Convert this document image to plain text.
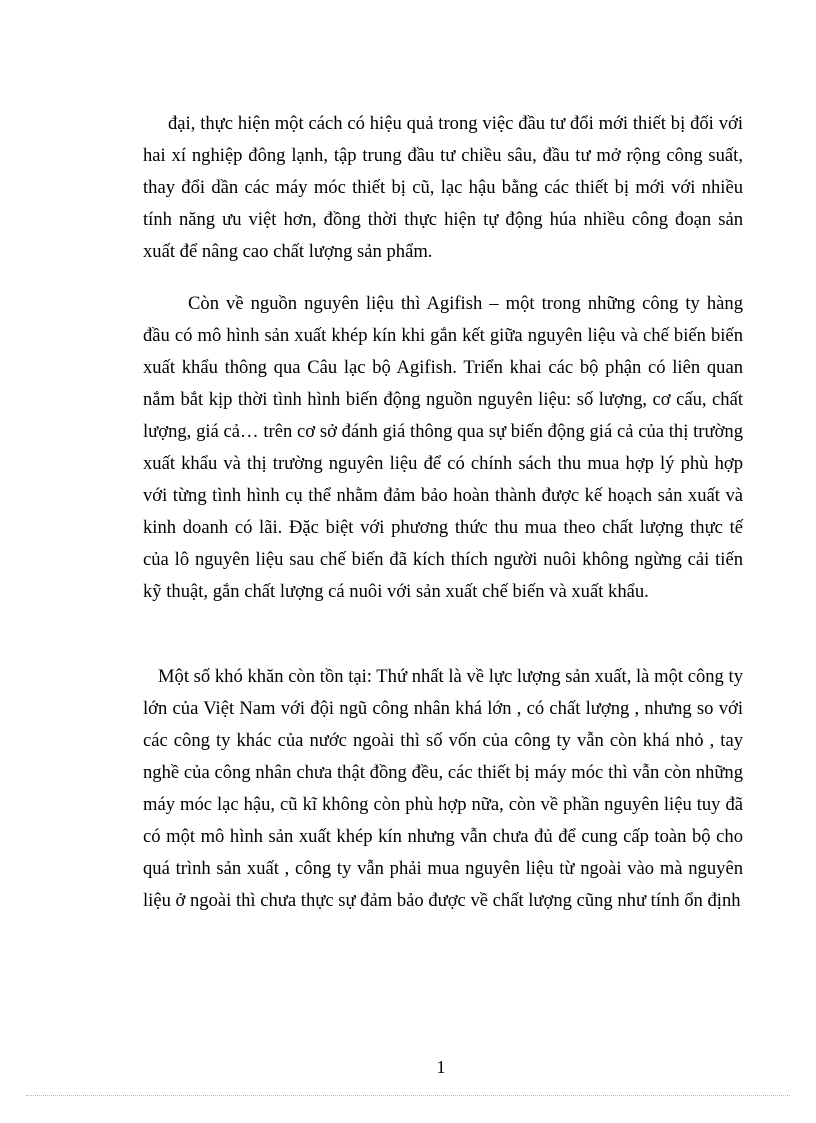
đại, thực hiện một cách có hiệu quả trong việc đầu tư đổi mới thiết bị đối với hai xí nghiệp đông lạnh, tập trung đầu tư chiều sâu, đầu tư mở rộng công suất, thay đổi dần các máy móc thiết bị cũ, lạc hậu bằng các thiết bị mới với nhiều tính năng ưu việt hơn, đồng thời thực hiện tự động húa nhiều công đoạn sản xuất để nâng cao chất lượng sản phẩm.

Còn về nguồn nguyên liệu thì Agifish – một trong những công ty hàng đầu có mô hình sản xuất khép kín khi gắn kết giữa nguyên liệu và chế biến biến xuất khẩu thông qua Câu lạc bộ Agifish. Triển khai các bộ phận có liên quan nắm bắt kịp thời tình hình biến động nguồn nguyên liệu: số lượng, cơ cấu, chất lượng, giá cả… trên cơ sở đánh giá thông qua sự biến động giá cả của thị trường xuất khẩu và thị trường nguyên liệu để có chính sách thu mua hợp lý phù hợp với từng tình hình cụ thể nhằm đảm bảo hoàn thành được kế hoạch sản xuất và kinh doanh có lãi. Đặc biệt với phương thức thu mua theo chất lượng thực tế của lô nguyên liệu sau chế biến đã kích thích người nuôi không ngừng cải tiến kỹ thuật, gắn chất lượng cá nuôi với sản xuất chế biến và xuất khẩu.

Một số khó khăn còn tồn tại: Thứ nhất là về lực lượng sản xuất, là một công ty lớn của Việt Nam với đội ngũ công nhân khá lớn , có chất lượng , nhưng so với các công ty khác của nước ngoài thì số vốn của công ty vẫn còn khá nhỏ , tay nghề của công nhân chưa thật đồng đều, các thiết bị máy móc thì vẫn còn những máy móc lạc hậu, cũ kĩ không còn phù hợp nữa, còn về phần nguyên liệu tuy đã có một mô hình sản xuất khép kín nhưng vẫn chưa đủ để cung cấp toàn bộ cho quá trình sản xuất , công ty vẫn phải mua nguyên liệu từ ngoài vào mà nguyên liệu ở ngoài thì chưa thực sự đảm bảo được về chất lượng cũng như tính ổn định

1
